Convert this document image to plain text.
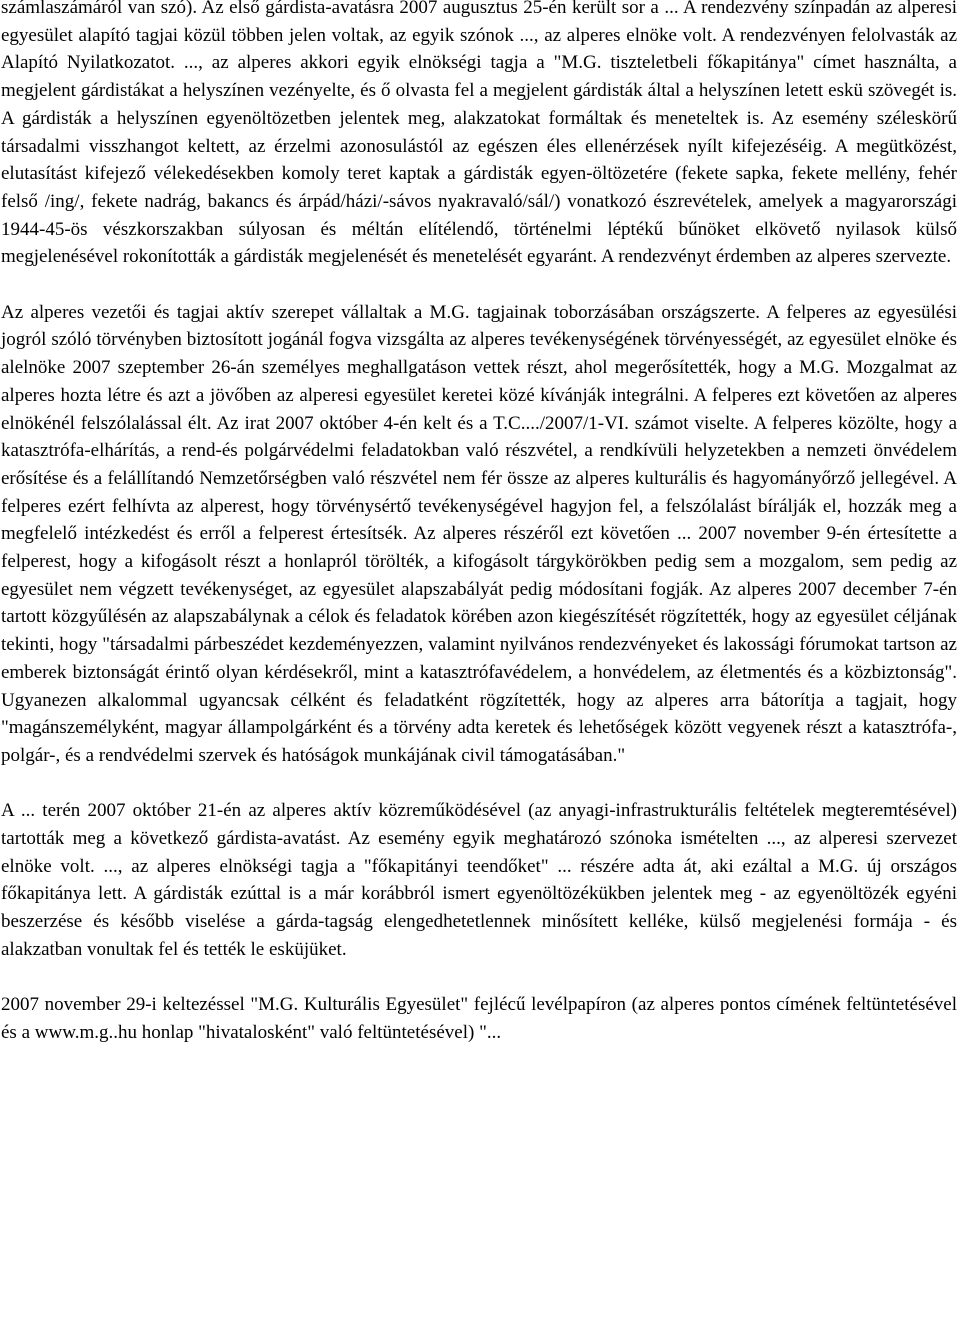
számlaszámáról van szó). Az első gárdista-avatásra 2007 augusztus 25-én került sor a ... A rendezvény színpadán az alperesi egyesület alapító tagjai közül többen jelen voltak, az egyik szónok ..., az alperes elnöke volt. A rendezvényen felolvasták az Alapító Nyilatkozatot. ..., az alperes akkori egyik elnökségi tagja a "M.G. tiszteletbeli főkapitánya" címet használta, a megjelent gárdistákat a helyszínen vezényelte, és ő olvasta fel a megjelent gárdisták által a helyszínen letett eskü szövegét is. A gárdisták a helyszínen egyenöltözetben jelentek meg, alakzatokat formáltak és meneteltek is. Az esemény széleskörű társadalmi visszhangot keltett, az érzelmi azonosulástól az egészen éles ellenérzések nyílt kifejezéséig. A megütközést, elutasítást kifejező vélekedésekben komoly teret kaptak a gárdisták egyen-öltözetére (fekete sapka, fekete mellény, fehér felső /ing/, fekete nadrág, bakancs és árpád/házi/-sávos nyakravaló/sál/) vonatkozó észrevételek, amelyek a magyarországi 1944-45-ös vészkorszakban súlyosan és méltán elítélendő, történelmi léptékű bűnöket elkövető nyilasok külső megjelenésével rokonították a gárdisták megjelenését és menetelését egyaránt. A rendezvényt érdemben az alperes szervezte.

Az alperes vezetői és tagjai aktív szerepet vállaltak a M.G. tagjainak toborzásában országszerte. A felperes az egyesülési jogról szóló törvényben biztosított jogánál fogva vizsgálta az alperes tevékenységének törvényességét, az egyesület elnöke és alelnöke 2007 szeptember 26-án személyes meghallgatáson vettek részt, ahol megerősítették, hogy a M.G. Mozgalmat az alperes hozta létre és azt a jövőben az alperesi egyesület keretei közé kívánják integrálni. A felperes ezt követően az alperes elnökénél felszólalással élt. Az irat 2007 október 4-én kelt és a T.C..../2007/1-VI. számot viselte. A felperes közölte, hogy a katasztrófa-elhárítás, a rend-és polgárvédelmi feladatokban való részvétel, a rendkívüli helyzetekben a nemzeti önvédelem erősítése és a felállítandó Nemzetőrségben való részvétel nem fér össze az alperes kulturális és hagyományőrző jellegével. A felperes ezért felhívta az alperest, hogy törvénysértő tevékenységével hagyjon fel, a felszólalást bírálják el, hozzák meg a megfelelő intézkedést és erről a felperest értesítsék. Az alperes részéről ezt követően ... 2007 november 9-én értesítette a felperest, hogy a kifogásolt részt a honlapról törölték, a kifogásolt tárgykörökben pedig sem a mozgalom, sem pedig az egyesület nem végzett tevékenységet, az egyesület alapszabályát pedig módosítani fogják. Az alperes 2007 december 7-én tartott közgyűlésén az alapszabálynak a célok és feladatok körében azon kiegészítését rögzítették, hogy az egyesület céljának tekinti, hogy "társadalmi párbeszédet kezdeményezzen, valamint nyilvános rendezvényeket és lakossági fórumokat tartson az emberek biztonságát érintő olyan kérdésekről, mint a katasztrófavédelem, a honvédelem, az életmentés és a közbiztonság". Ugyanezen alkalommal ugyancsak célként és feladatként rögzítették, hogy az alperes arra bátorítja a tagjait, hogy "magánszemélyként, magyar állampolgárként és a törvény adta keretek és lehetőségek között vegyenek részt a katasztrófa-, polgár-, és a rendvédelmi szervek és hatóságok munkájának civil támogatásában."

A ... terén 2007 október 21-én az alperes aktív közreműködésével (az anyagi-infrastrukturális feltételek megteremtésével) tartották meg a következő gárdista-avatást. Az esemény egyik meghatározó szónoka ismételten ..., az alperesi szervezet elnöke volt. ..., az alperes elnökségi tagja a "főkapitányi teendőket" ... részére adta át, aki ezáltal a M.G. új országos főkapitánya lett. A gárdisták ezúttal is a már korábbról ismert egyenöltözékükben jelentek meg - az egyenöltözék egyéni beszerzése és később viselése a gárda-tagság elengedhetetlennek minősített kelléke, külső megjelenési formája - és alakzatban vonultak fel és tették le esküjüket.

2007 november 29-i keltezéssel "M.G. Kulturális Egyesület" fejlécű levélpapíron (az alperes pontos címének feltüntetésével és a www.m.g..hu honlap "hivatalosként" való feltüntetésével) "...
